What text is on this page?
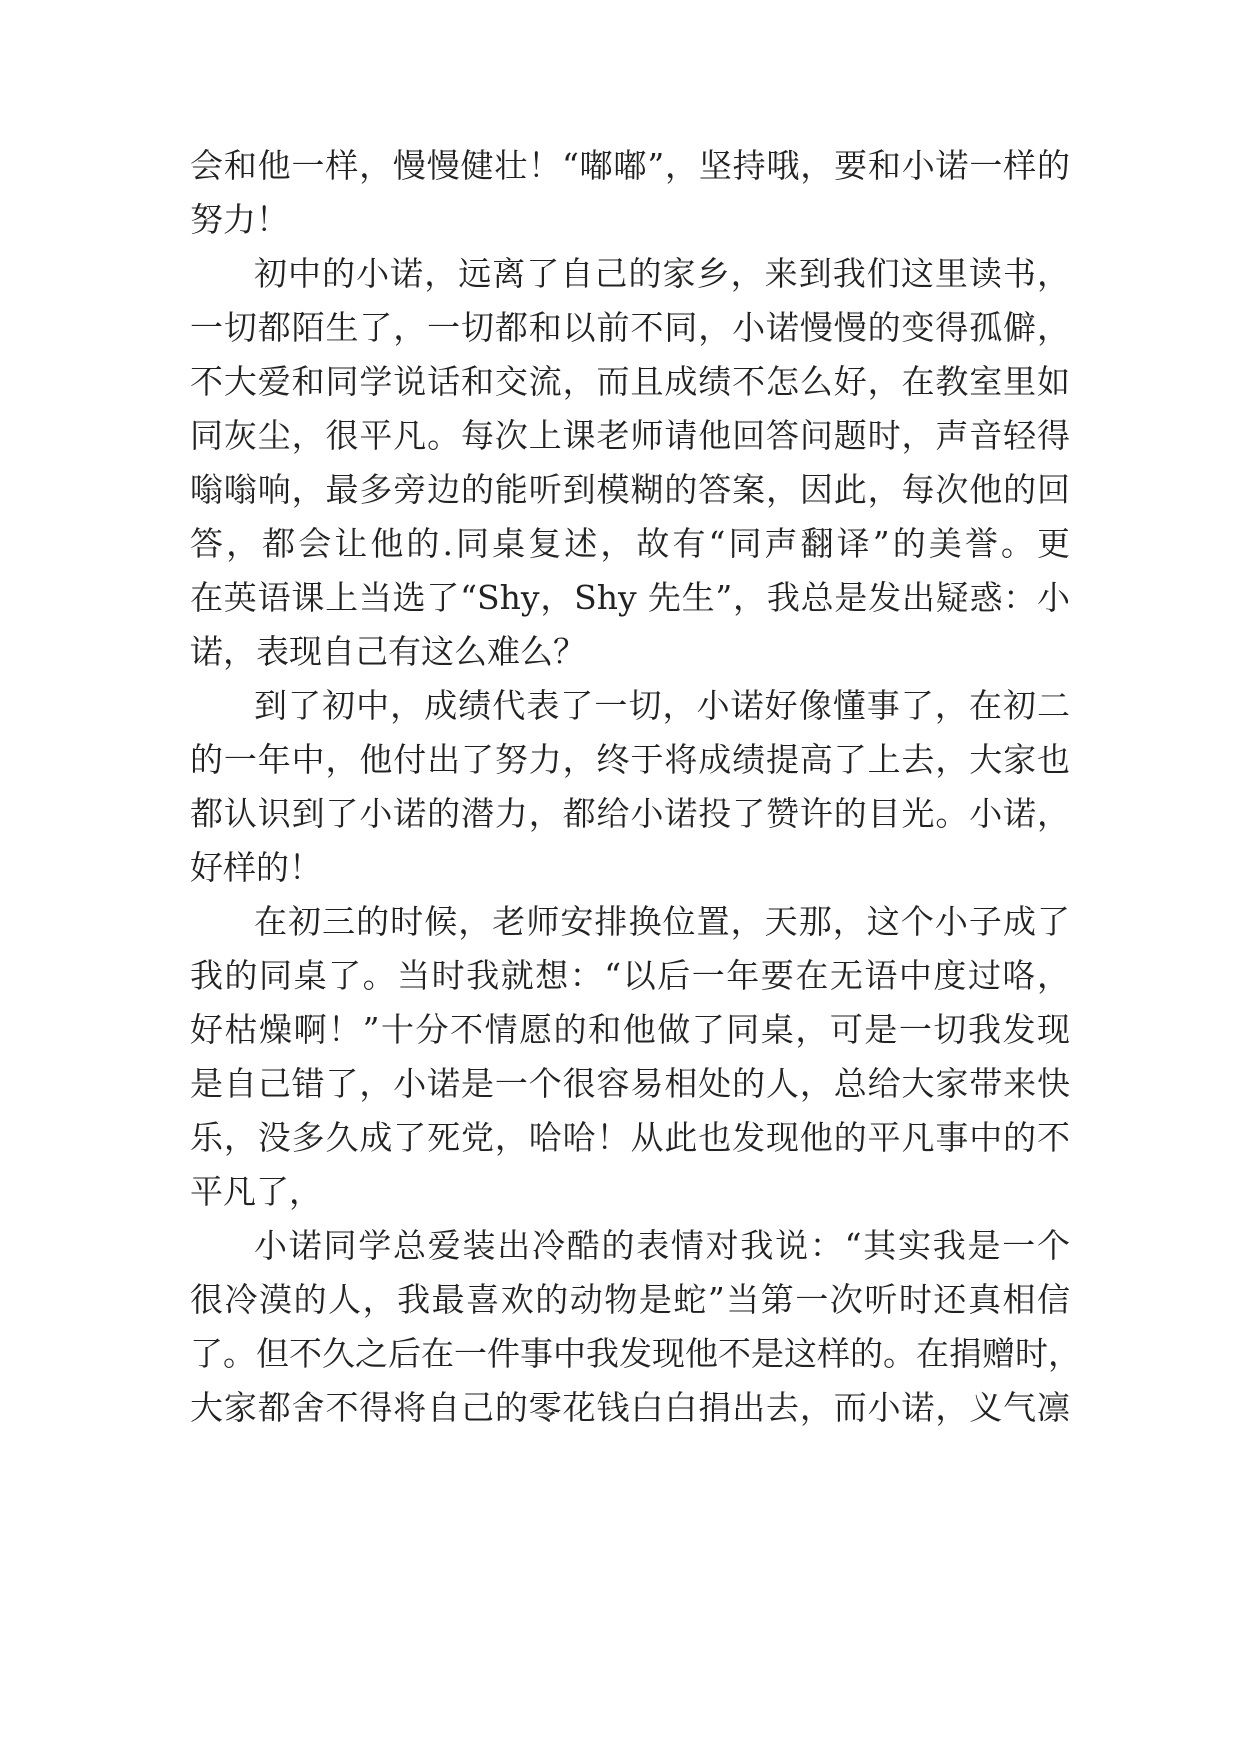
会和他一样，慢慢健壮！“嘟嘟”，坚持哦，要和小诺一样的
努力！
初中的小诺，远离了自己的家乡，来到我们这里读书，
一切都陌生了，一切都和以前不同，小诺慢慢的变得孤僻，
不大爱和同学说话和交流，而且成绩不怎么好，在教室里如
同灰尘，很平凡。每次上课老师请他回答问题时，声音轻得
嗡嗡响，最多旁边的能听到模糊的答案，因此，每次他的回
答，都会让他的.同桌复述，故有“同声翻译”的美誉。更
在英语课上当选了“Shy，Shy 先生”，我总是发出疑惑：小
诺，表现自己有这么难么？
到了初中，成绩代表了一切，小诺好像懂事了，在初二
的一年中，他付出了努力，终于将成绩提高了上去，大家也
都认识到了小诺的潜力，都给小诺投了赞许的目光。小诺，
好样的！
在初三的时候，老师安排换位置，天那，这个小子成了
我的同桌了。当时我就想：“以后一年要在无语中度过咯，
好枯燥啊！”十分不情愿的和他做了同桌，可是一切我发现
是自己错了，小诺是一个很容易相处的人，总给大家带来快
乐，没多久成了死党，哈哈！从此也发现他的平凡事中的不
平凡了，
小诺同学总爱装出冷酷的表情对我说：“其实我是一个
很冷漠的人，我最喜欢的动物是蛇”当第一次听时还真相信
了。但不久之后在一件事中我发现他不是这样的。在捐赠时，
大家都舍不得将自己的零花钱白白捐出去，而小诺，义气凛
